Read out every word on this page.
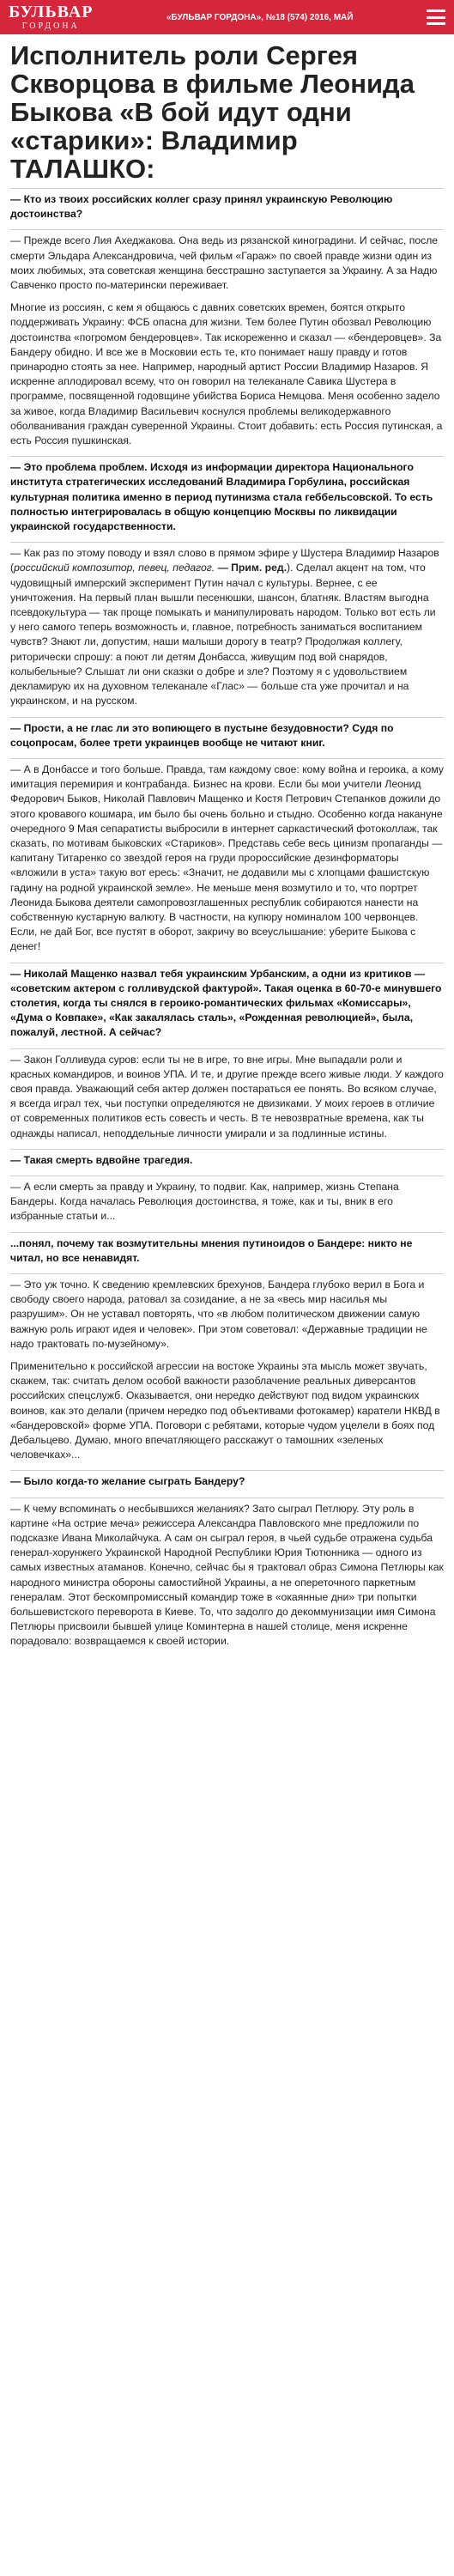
БУЛЬВАР
ГОРДОНА
«БУЛЬВАР ГОРДОНА», №18 (574) 2016, МАЙ
Исполнитель роли Сергея Скворцова в фильме Леонида Быкова «В бой идут одни «старики»: Владимир ТАЛАШКО:

— Кто из твоих российских коллег сразу принял украинскую Революцию достоинства?

— Прежде всего Лия Ахеджакова. Она ведь из рязанской киноградини. И сейчас, после смерти Эльдара Александровича, чей фильм «Гараж» по своей правде жизни один из моих любимых, эта советская женщина бесстрашно заступается за Украину. А за Надю Савченко просто по-матерински переживает.

Многие из россиян, с кем я общаюсь с давних советских времен, боятся открыто поддерживать Украину: ФСБ опасна для жизни. Тем более Путин обозвал Революцию достоинства «погромом бендеровцев». Так искореженно и сказал — «бендеровцев». За Бандеру обидно. И все же в Московии есть те, кто понимает нашу правду и готов принародно стоять за нее. Например, народный артист России Владимир Назаров. Я искренне аплодировал всему, что он говорил на телеканале Савика Шустера в программе, посвященной годовщине убийства Бориса Немцова. Меня особенно задело за живое, когда Владимир Васильевич коснулся проблемы великодержавного оболванивания граждан суверенной Украины. Стоит добавить: есть Россия путинская, а есть Россия пушкинская.

— Это проблема проблем. Исходя из информации директора Национального института стратегических исследований Владимира Горбулина, российская культурная политика именно в период путинизма стала геббельсовской. То есть полностью интегрировалась в общую концепцию Москвы по ликвидации украинской государственности.

— Как раз по этому поводу и взял слово в прямом эфире у Шустера Владимир Назаров (российский композитор, певец, педагог. — Прим. ред.). Сделал акцент на том, что чудовищный имперский эксперимент Путин начал с культуры. Вернее, с ее уничтожения. На первый план вышли песенюшки, шансон, блатняк. Властям выгодна псевдокультура — так проще помыкать и манипулировать народом. Только вот есть ли у него самого теперь возможность и, главное, потребность заниматься воспитанием чувств? Знают ли, допустим, наши малыши дорогу в театр? Продолжая коллегу, риторически спрошу: а поют ли детям Донбасса, живущим под вой снарядов, колыбельные? Слышат ли они сказки о добре и зле? Поэтому я с удовольствием декламирую их на духовном телеканале «Глас» — больше ста уже прочитал и на украинском, и на русском.

— Прости, а не глас ли это вопиющего в пустыне безудовности? Судя по соцопросам, более трети украинцев вообще не читают книг.

— А в Донбассе и того больше. Правда, там каждому свое: кому война и героика, а кому имитация перемирия и контрабанда. Бизнес на крови. Если бы мои учители Леонид Федорович Быков, Николай Павлович Мащенко и Костя Петрович Степанков дожили до этого кровавого кошмара, им было бы очень больно и стыдно. Особенно когда накануне очередного 9 Мая сепаратисты выбросили в интернет саркастический фотоколлаж, так сказать, по мотивам быковских «Стариков». Представь себе весь цинизм пропаганды — капитану Титаренко со звездой героя на груди пророссийские дезинформаторы «вложили в уста» такую вот ересь: «Значит, не додавили мы с хлопцами фашистскую гадину на родной украинской земле». Не меньше меня возмутило и то, что портрет Леонида Быкова деятели самопровозглашенных республик собираются нанести на собственную кустарную валюту. В частности, на купюру номиналом 100 червонцев. Если, не дай Бог, все пустят в оборот, закричу во всеуслышание: уберите Быкова с денег!

— Николай Мащенко назвал тебя украинским Урбанским, а одни из критиков — «советским актером с голливудской фактурой». Такая оценка в 60-70-е минувшего столетия, когда ты снялся в героико-романтических фильмах «Комиссары», «Дума о Ковпаке», «Как закалялась сталь», «Рожденная революцией», была, пожалуй, лестной. А сейчас?

— Закон Голливуда суров: если ты не в игре, то вне игры. Мне выпадали роли и красных командиров, и воинов УПА. И те, и другие прежде всего живые люди. У каждого своя правда. Уважающий себя актер должен постараться ее понять. Во всяком случае, я всегда играл тех, чьи поступки определяются не двизиками. У моих героев в отличие от современных политиков есть совесть и честь. В те невозвратные времена, как ты однажды написал, неподдельные личности умирали и за подлинные истины.

— Такая смерть вдвойне трагедия.

— А если смерть за правду и Украину, то подвиг. Как, например, жизнь Степана Бандеры. Когда началась Революция достоинства, я тоже, как и ты, вник в его избранные статьи и...

...понял, почему так возмутительны мнения путиноидов о Бандере: никто не читал, но все ненавидят.

— Это уж точно. К сведению кремлевских брехунов, Бандера глубоко верил в Бога и свободу своего народа, ратовал за созидание, а не за «весь мир насилья мы разрушим». Он не уставал повторять, что «в любом политическом движении самую важную роль играют идея и человек». При этом советовал: «Державные традиции не надо трактовать по-музейному».

Применительно к российской агрессии на востоке Украины эта мысль может звучать, скажем, так: считать делом особой важности разоблачение реальных диверсантов российских спецслужб. Оказывается, они нередко действуют под видом украинских воинов, как это делали (причем нередко под объективами фотокамер) каратели НКВД в «бандеровской» форме УПА. Поговори с ребятами, которые чудом уцелели в боях под Дебальцево. Думаю, много впечатляющего расскажут о тамошних «зеленых человечках»...

— Было когда-то желание сыграть Бандеру?

— К чему вспоминать о несбывшихся желаниях? Зато сыграл Петлюру. Эту роль в картине «На острие меча» режиссера Александра Павловского мне предложили по подсказке Ивана Миколайчука. А сам он сыграл героя, в чьей судьбе отражена судьба генерал-хорунжего Украинской Народной Республики Юрия Тютюнника — одного из самых известных атаманов. Конечно, сейчас бы я трактовал образ Симона Петлюры как народного министра обороны самостийной Украины, а не опереточного паркетным генералам. Этот бескомпромиссный командир тоже в «окаянные дни» три попытки большевистского переворота в Киеве. То, что задолго до декоммунизации имя Симона Петлюры присвоили бывшей улице Коминтерна в нашей столице, меня искренне порадовало: возвращаемся к своей истории.
